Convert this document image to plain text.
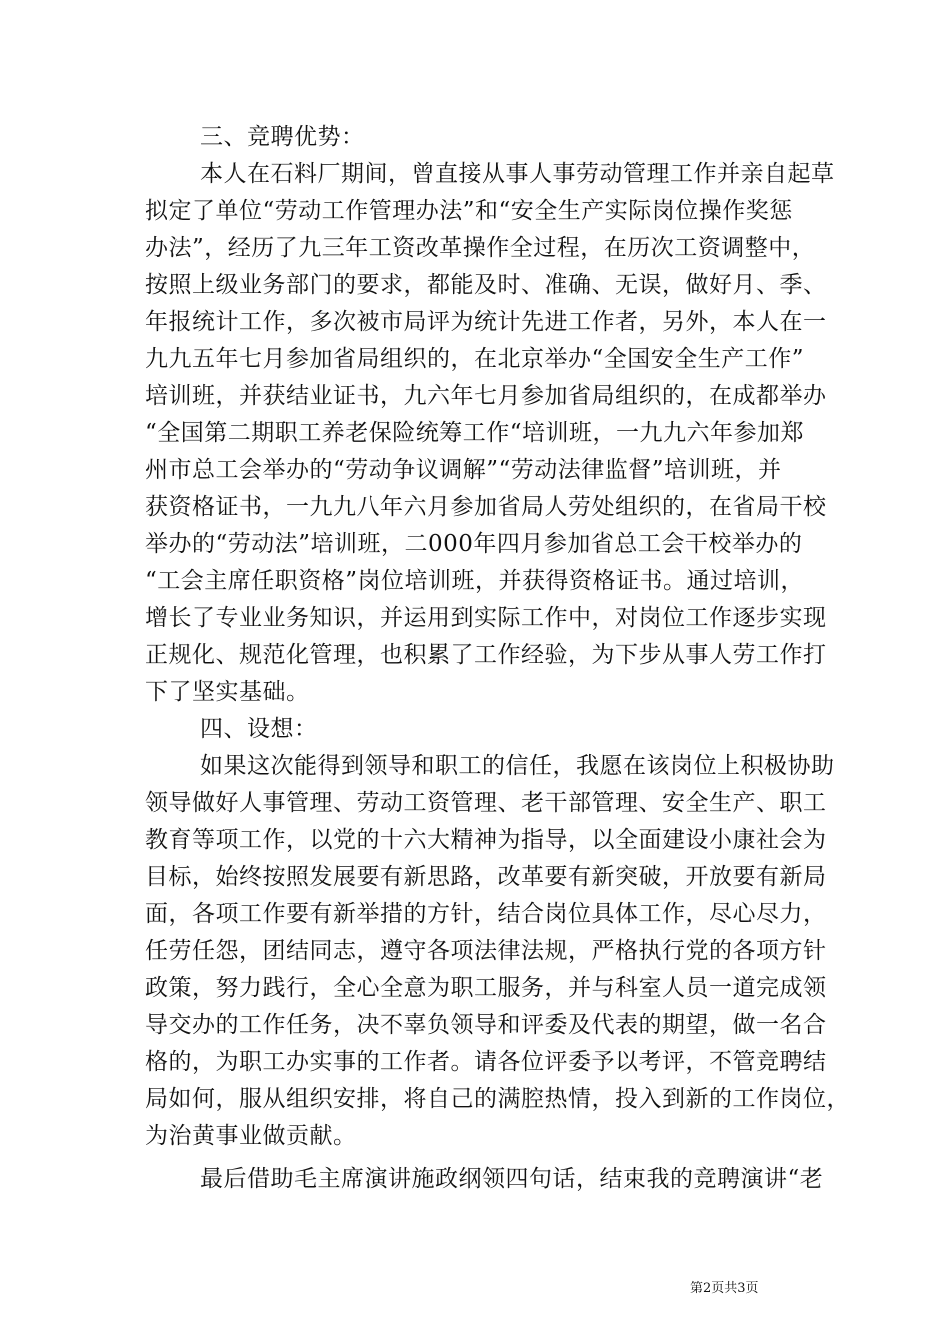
三、竞聘优势：
本人在石料厂期间，曾直接从事人事劳动管理工作并亲自起草
拟定了单位“劳动工作管理办法”和“安全生产实际岗位操作奖惩
办法”，经历了九三年工资改革操作全过程，在历次工资调整中，
按照上级业务部门的要求，都能及时、准确、无误，做好月、季、
年报统计工作，多次被市局评为统计先进工作者，另外，本人在一
九九五年七月参加省局组织的，在北京举办“全国安全生产工作”
培训班，并获结业证书，九六年七月参加省局组织的，在成都举办
“全国第二期职工养老保险统筹工作“培训班，一九九六年参加郑
州市总工会举办的“劳动争议调解”“劳动法律监督”培训班，并
获资格证书，一九九八年六月参加省局人劳处组织的，在省局干校
举办的“劳动法”培训班，二000年四月参加省总工会干校举办的
“工会主席任职资格”岗位培训班，并获得资格证书。通过培训，
增长了专业业务知识，并运用到实际工作中，对岗位工作逐步实现
正规化、规范化管理，也积累了工作经验，为下步从事人劳工作打
下了坚实基础。
四、设想：
如果这次能得到领导和职工的信任，我愿在该岗位上积极协助
领导做好人事管理、劳动工资管理、老干部管理、安全生产、职工
教育等项工作，以党的十六大精神为指导，以全面建设小康社会为
目标，始终按照发展要有新思路，改革要有新突破，开放要有新局
面，各项工作要有新举措的方针，结合岗位具体工作，尽心尽力，
任劳任怨，团结同志，遵守各项法律法规，严格执行党的各项方针
政策，努力践行，全心全意为职工服务，并与科室人员一道完成领
导交办的工作任务，决不辜负领导和评委及代表的期望，做一名合
格的，为职工办实事的工作者。请各位评委予以考评，不管竞聘结
局如何，服从组织安排，将自己的满腔热情，投入到新的工作岗位，
为治黄事业做贡献。
最后借助毛主席演讲施政纲领四句话，结束我的竞聘演讲“老
第2页共3页
